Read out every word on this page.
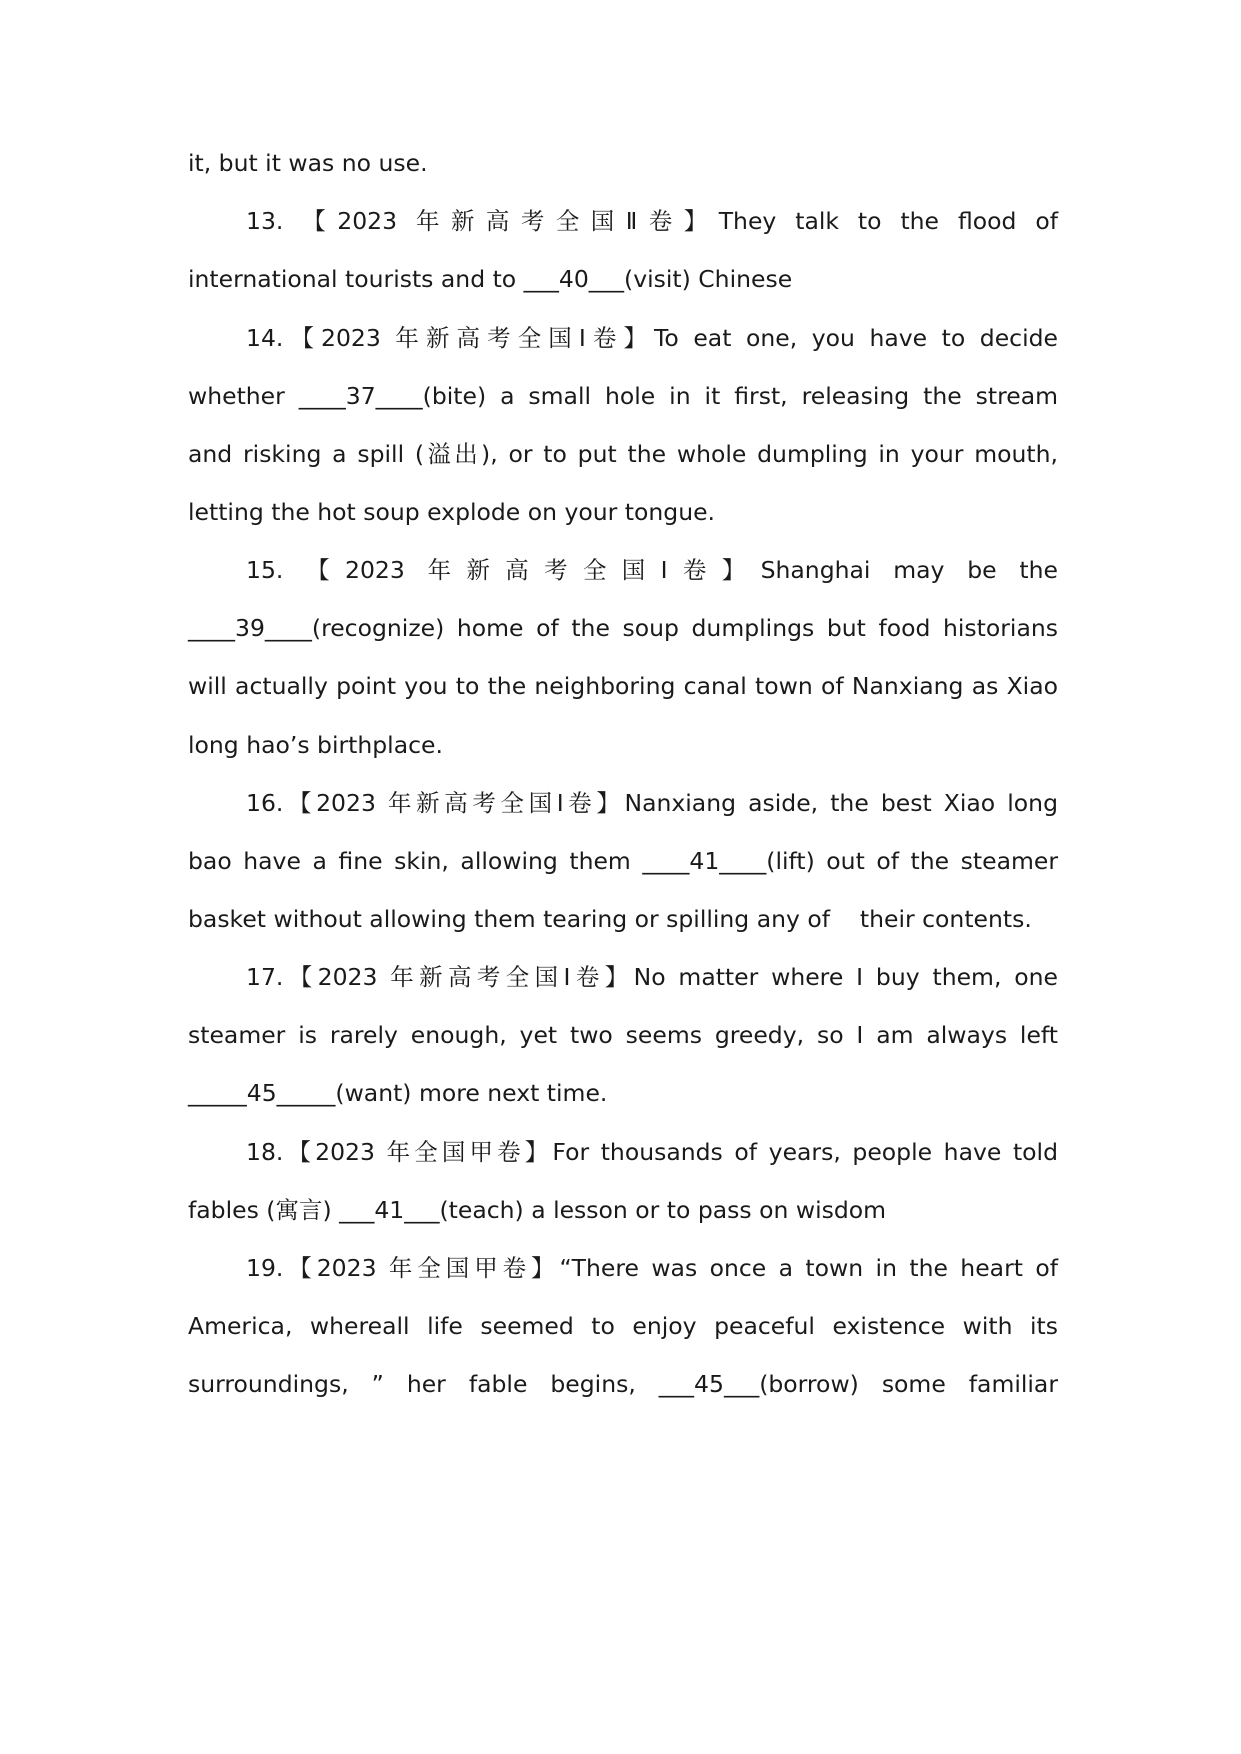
it, but it was no use.
13. 【2023 年新高考全国Ⅱ卷】They talk to the flood of
international tourists and to ___40___(visit) Chinese
14.【2023 年新高考全国Ⅰ卷】To eat one, you have to decide
whether ____37____(bite) a small hole in it first, releasing the stream
and risking a spill (溢出), or to put the whole dumpling in your mouth,
letting the hot soup explode on your tongue.
15. 【2023 年新高考全国Ⅰ卷】Shanghai may be the
____39____(recognize) home of the soup dumplings but food historians
will actually point you to the neighboring canal town of Nanxiang as Xiao
long hao’s birthplace.
16.【2023 年新高考全国Ⅰ卷】Nanxiang aside, the best Xiao long
bao have a fine skin, allowing them ____41____(lift) out of the steamer
basket without allowing them tearing or spilling any of    their contents.
17.【2023 年新高考全国Ⅰ卷】No matter where I buy them, one
steamer is rarely enough, yet two seems greedy, so I am always left
_____45_____(want) more next time.
18.【2023 年全国甲卷】For thousands of years, people have told
fables (寓言) ___41___(teach) a lesson or to pass on wisdom
19.【2023 年全国甲卷】“There was once a town in the heart of
America, whereall life seemed to enjoy peaceful existence with its
surroundings, ” her fable begins, ___45___(borrow) some familiar
